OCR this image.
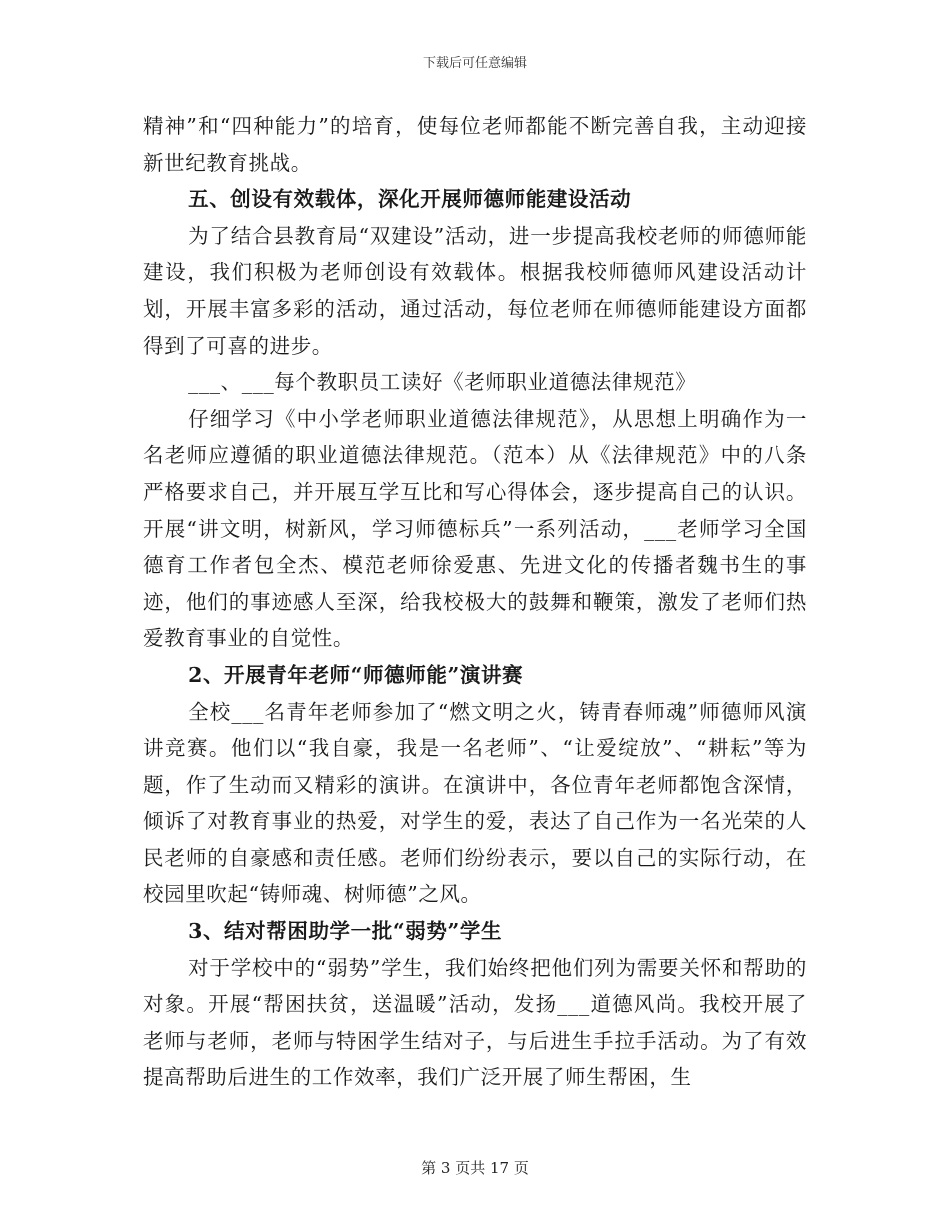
下载后可任意编辑

精神”和“四种能力”的培育，使每位老师都能不断完善自我，主动迎接新世纪教育挑战。

五、创设有效载体，深化开展师德师能建设活动

为了结合县教育局“双建设”活动，进一步提高我校老师的师德师能建设，我们积极为老师创设有效载体。根据我校师德师风建设活动计划，开展丰富多彩的活动，通过活动，每位老师在师德师能建设方面都得到了可喜的进步。

___、___每个教职员工读好《老师职业道德法律规范》

仔细学习《中小学老师职业道德法律规范》，从思想上明确作为一名老师应遵循的职业道德法律规范。（范本）从《法律规范》中的八条严格要求自己，并开展互学互比和写心得体会，逐步提高自己的认识。开展“讲文明，树新风，学习师德标兵”一系列活动，___老师学习全国德育工作者包全杰、模范老师徐爱惠、先进文化的传播者魏书生的事迹，他们的事迹感人至深，给我校极大的鼓舞和鞭策，激发了老师们热爱教育事业的自觉性。

2、开展青年老师“师德师能”演讲赛

全校___名青年老师参加了“燃文明之火，铸青春师魂”师德师风演讲竞赛。他们以“我自豪，我是一名老师”、“让爱绽放”、“耕耘”等为题，作了生动而又精彩的演讲。在演讲中，各位青年老师都饱含深情，倾诉了对教育事业的热爱，对学生的爱，表达了自己作为一名光荣的人民老师的自豪感和责任感。老师们纷纷表示，要以自己的实际行动，在校园里吹起“铸师魂、树师德”之风。

3、结对帮困助学一批“弱势”学生

对于学校中的“弱势”学生，我们始终把他们列为需要关怀和帮助的对象。开展“帮困扶贫，送温暖”活动，发扬___道德风尚。我校开展了老师与老师，老师与特困学生结对子，与后进生手拉手活动。为了有效提高帮助后进生的工作效率，我们广泛开展了师生帮困，生

第 3 页共 17 页
